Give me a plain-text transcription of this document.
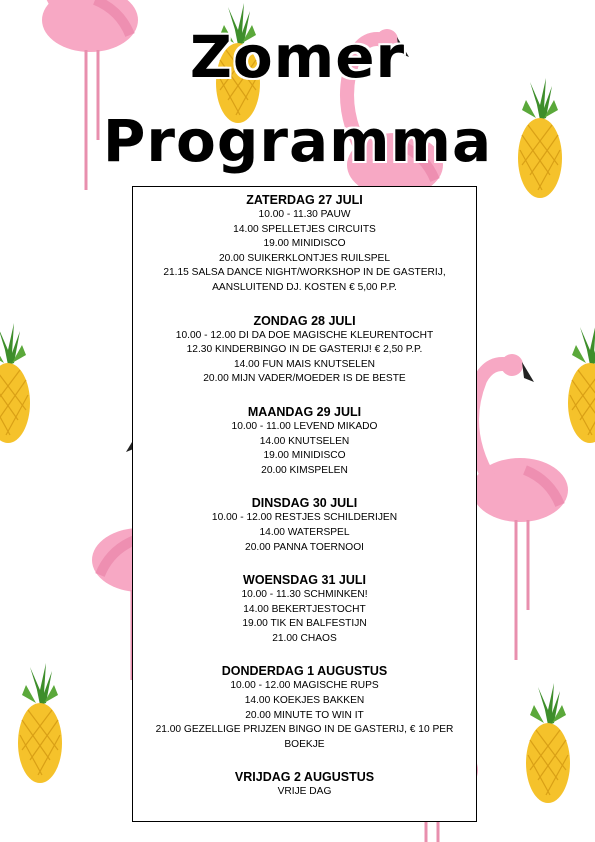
Zomer
Programma
ZATERDAG 27 JULI
10.00 - 11.30 PAUW
14.00 SPELLETJES CIRCUITS
19.00 MINIDISCO
20.00 SUIKERKLONTJES RUILSPEL
21.15 SALSA DANCE NIGHT/WORKSHOP IN DE GASTERIJ,
AANSLUITEND DJ. KOSTEN € 5,00 P.P.
ZONDAG 28 JULI
10.00 - 12.00 DI DA DOE MAGISCHE KLEURENTOCHT
12.30 KINDERBINGO IN DE GASTERIJ! € 2,50 P.P.
14.00 FUN MAIS KNUTSELEN
20.00 MIJN VADER/MOEDER IS DE BESTE
MAANDAG 29 JULI
10.00 - 11.00 LEVEND MIKADO
14.00 KNUTSELEN
19.00 MINIDISCO
20.00 KIMSPELEN
DINSDAG 30 JULI
10.00 - 12.00 RESTJES SCHILDERIJEN
14.00 WATERSPEL
20.00 PANNA TOERNOOI
WOENSDAG 31 JULI
10.00 - 11.30 SCHMINKEN!
14.00 BEKERTJESTOCHT
19.00 TIK EN BALFESTIJN
21.00 CHAOS
DONDERDAG 1 AUGUSTUS
10.00 - 12.00 MAGISCHE RUPS
14.00 KOEKJES BAKKEN
20.00 MINUTE TO WIN IT
21.00 GEZELLIGE PRIJZEN BINGO IN DE GASTERIJ, € 10 PER
BOEKJE
VRIJDAG 2 AUGUSTUS
VRIJE DAG
